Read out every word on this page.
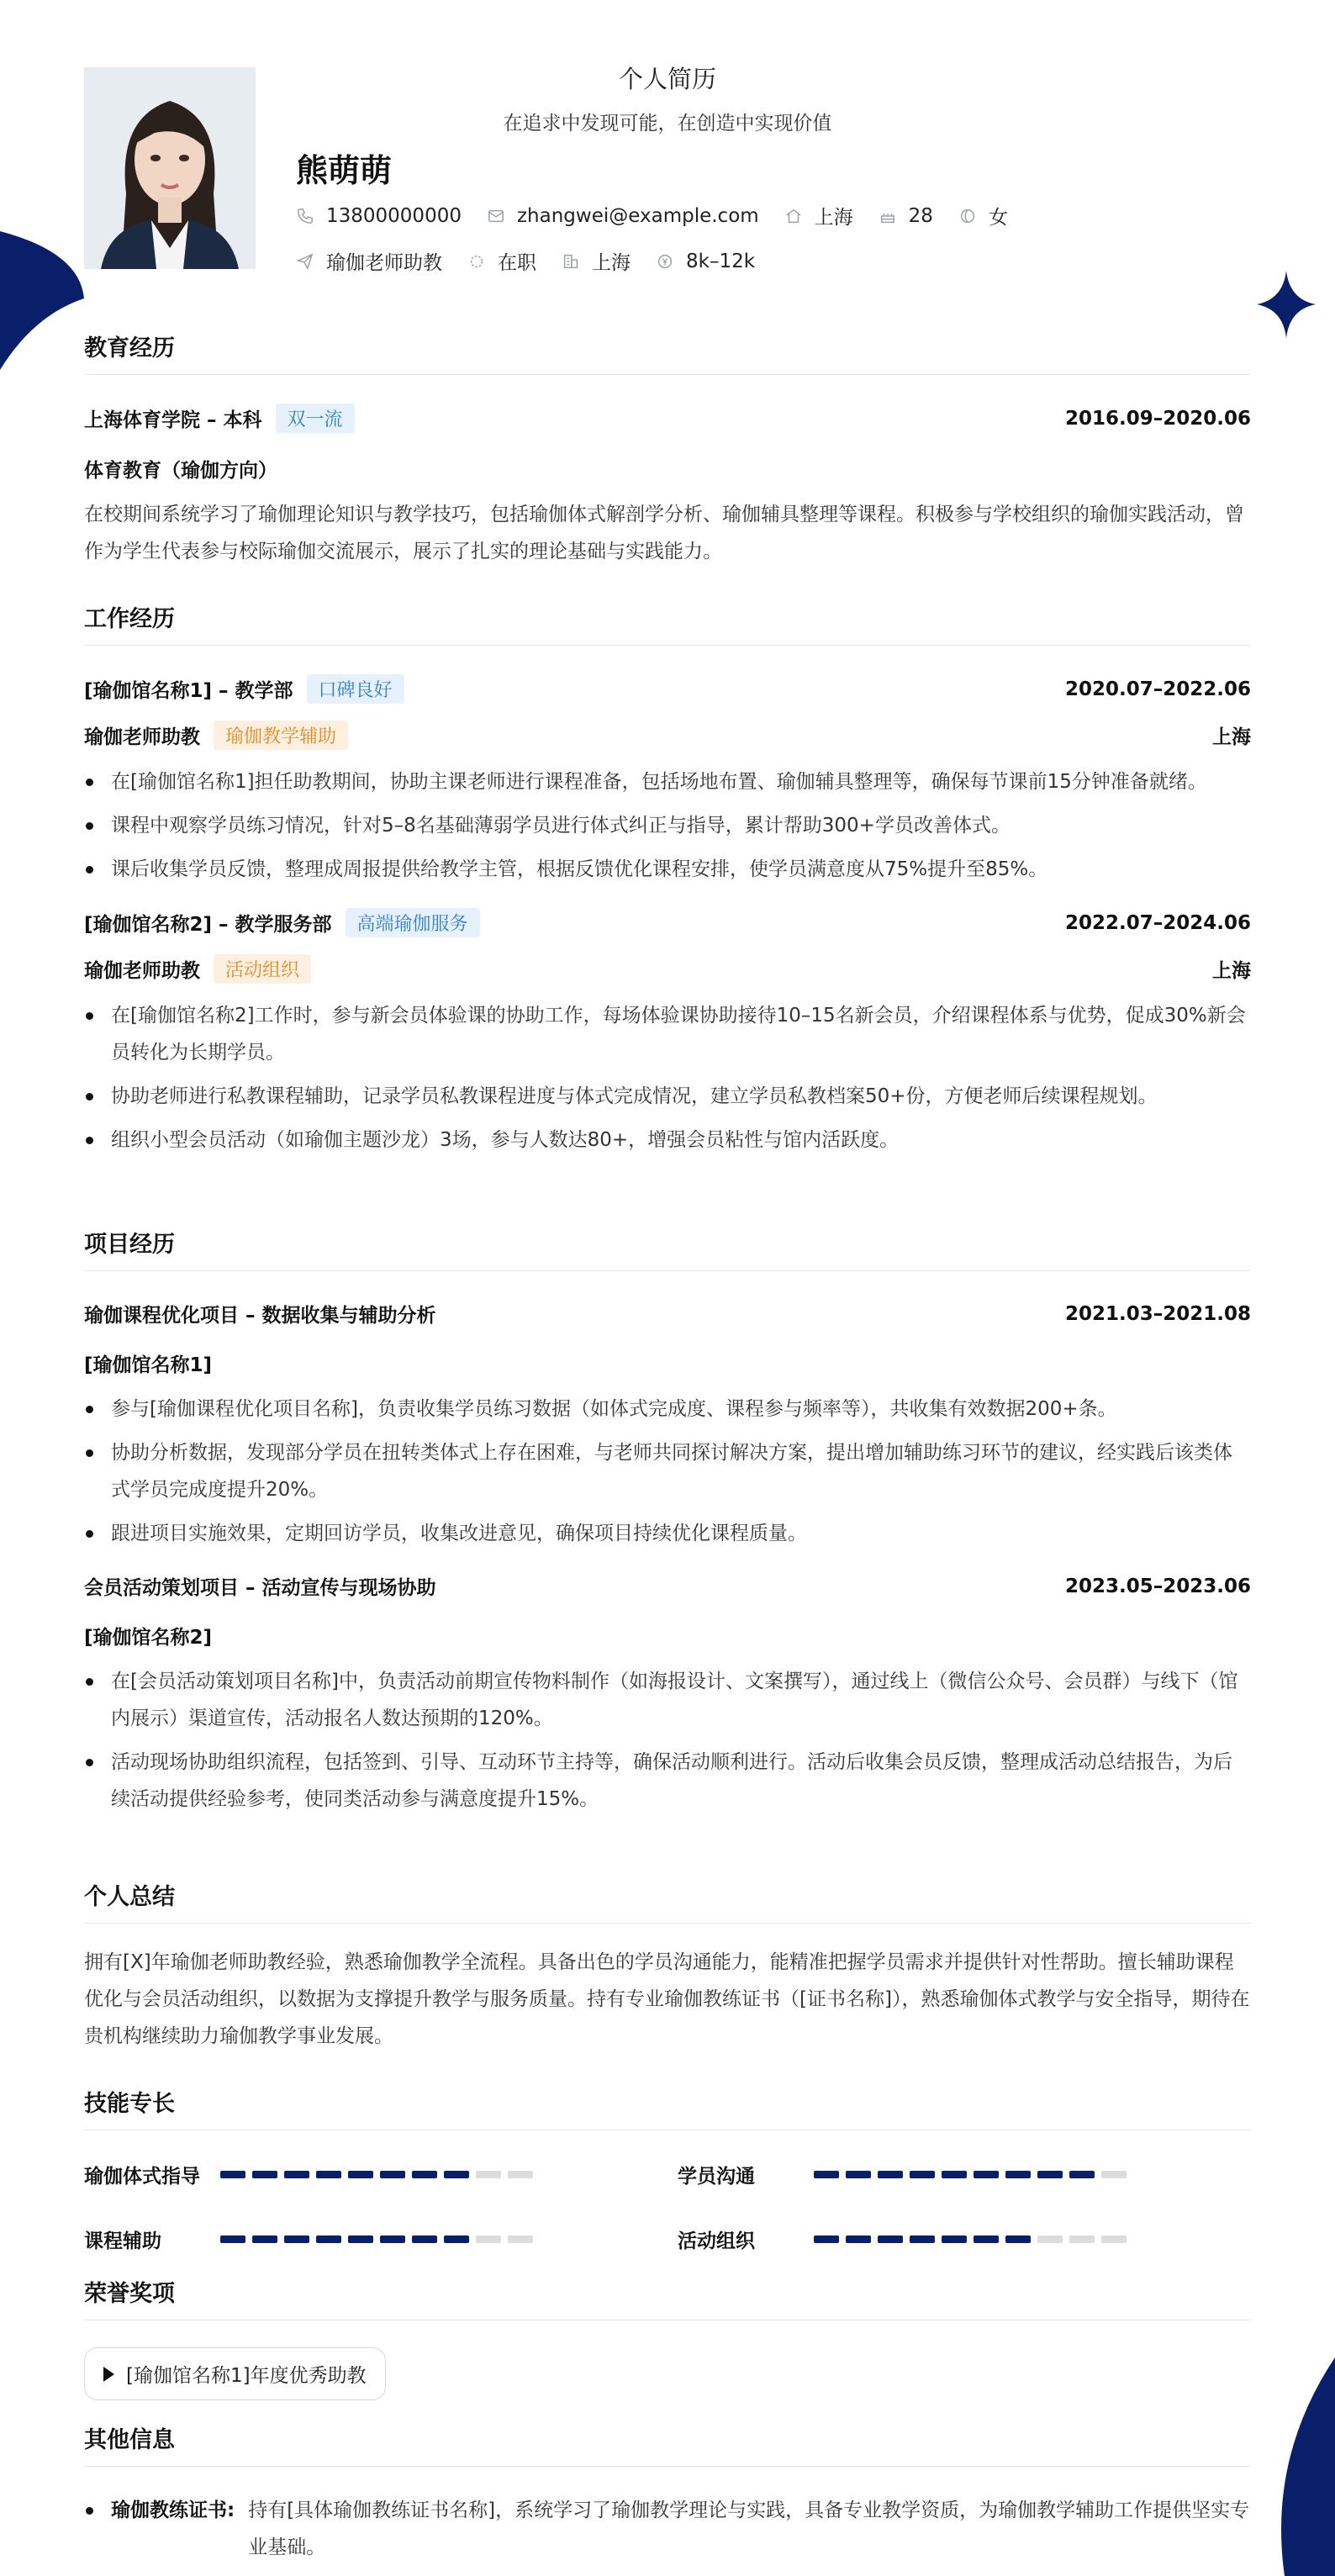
个人简历
在追求中发现可能，在创造中实现价值
熊萌萌
13800000000	zhangwei@example.com	上海	28	女
瑜伽老师助教	在职	上海	8k–12k
教育经历
上海体育学院 – 本科	双一流	2016.09–2020.06
体育教育（瑜伽方向）
在校期间系统学习了瑜伽理论知识与教学技巧，包括瑜伽体式解剖学分析、瑜伽辅具整理等课程。积极参与学校组织的瑜伽实践活动，曾作为学生代表参与校际瑜伽交流展示，展示了扎实的理论基础与实践能力。
工作经历
[瑜伽馆名称1] – 教学部	口碑良好	2020.07–2022.06
瑜伽老师助教	瑜伽教学辅助	上海
在[瑜伽馆名称1]担任助教期间，协助主课老师进行课程准备，包括场地布置、瑜伽辅具整理等，确保每节课前15分钟准备就绪。
课程中观察学员练习情况，针对5–8名基础薄弱学员进行体式纠正与指导，累计帮助300+学员改善体式。
课后收集学员反馈，整理成周报提供给教学主管，根据反馈优化课程安排，使学员满意度从75%提升至85%。
[瑜伽馆名称2] – 教学服务部	高端瑜伽服务	2022.07–2024.06
瑜伽老师助教	活动组织	上海
在[瑜伽馆名称2]工作时，参与新会员体验课的协助工作，每场体验课协助接待10–15名新会员，介绍课程体系与优势，促成30%新会员转化为长期学员。
协助老师进行私教课程辅助，记录学员私教课程进度与体式完成情况，建立学员私教档案50+份，方便老师后续课程规划。
组织小型会员活动（如瑜伽主题沙龙）3场，参与人数达80+，增强会员粘性与馆内活跃度。
项目经历
瑜伽课程优化项目 – 数据收集与辅助分析	2021.03–2021.08
[瑜伽馆名称1]
参与[瑜伽课程优化项目名称]，负责收集学员练习数据（如体式完成度、课程参与频率等），共收集有效数据200+条。
协助分析数据，发现部分学员在扭转类体式上存在困难，与老师共同探讨解决方案，提出增加辅助练习环节的建议，经实践后该类体式学员完成度提升20%。
跟进项目实施效果，定期回访学员，收集改进意见，确保项目持续优化课程质量。
会员活动策划项目 – 活动宣传与现场协助	2023.05–2023.06
[瑜伽馆名称2]
在[会员活动策划项目名称]中，负责活动前期宣传物料制作（如海报设计、文案撰写），通过线上（微信公众号、会员群）与线下（馆内展示）渠道宣传，活动报名人数达预期的120%。
活动现场协助组织流程，包括签到、引导、互动环节主持等，确保活动顺利进行。活动后收集会员反馈，整理成活动总结报告，为后续活动提供经验参考，使同类活动参与满意度提升15%。
个人总结
拥有[X]年瑜伽老师助教经验，熟悉瑜伽教学全流程。具备出色的学员沟通能力，能精准把握学员需求并提供针对性帮助。擅长辅助课程优化与会员活动组织，以数据为支撑提升教学与服务质量。持有专业瑜伽教练证书（[证书名称]），熟悉瑜伽体式教学与安全指导，期待在贵机构继续助力瑜伽教学事业发展。
技能专长
瑜伽体式指导	学员沟通
课程辅助	活动组织
荣誉奖项
[瑜伽馆名称1]年度优秀助教
其他信息
瑜伽教练证书: 持有[具体瑜伽教练证书名称]，系统学习了瑜伽教学理论与实践，具备专业教学资质，为瑜伽教学辅助工作提供坚实专业基础。
